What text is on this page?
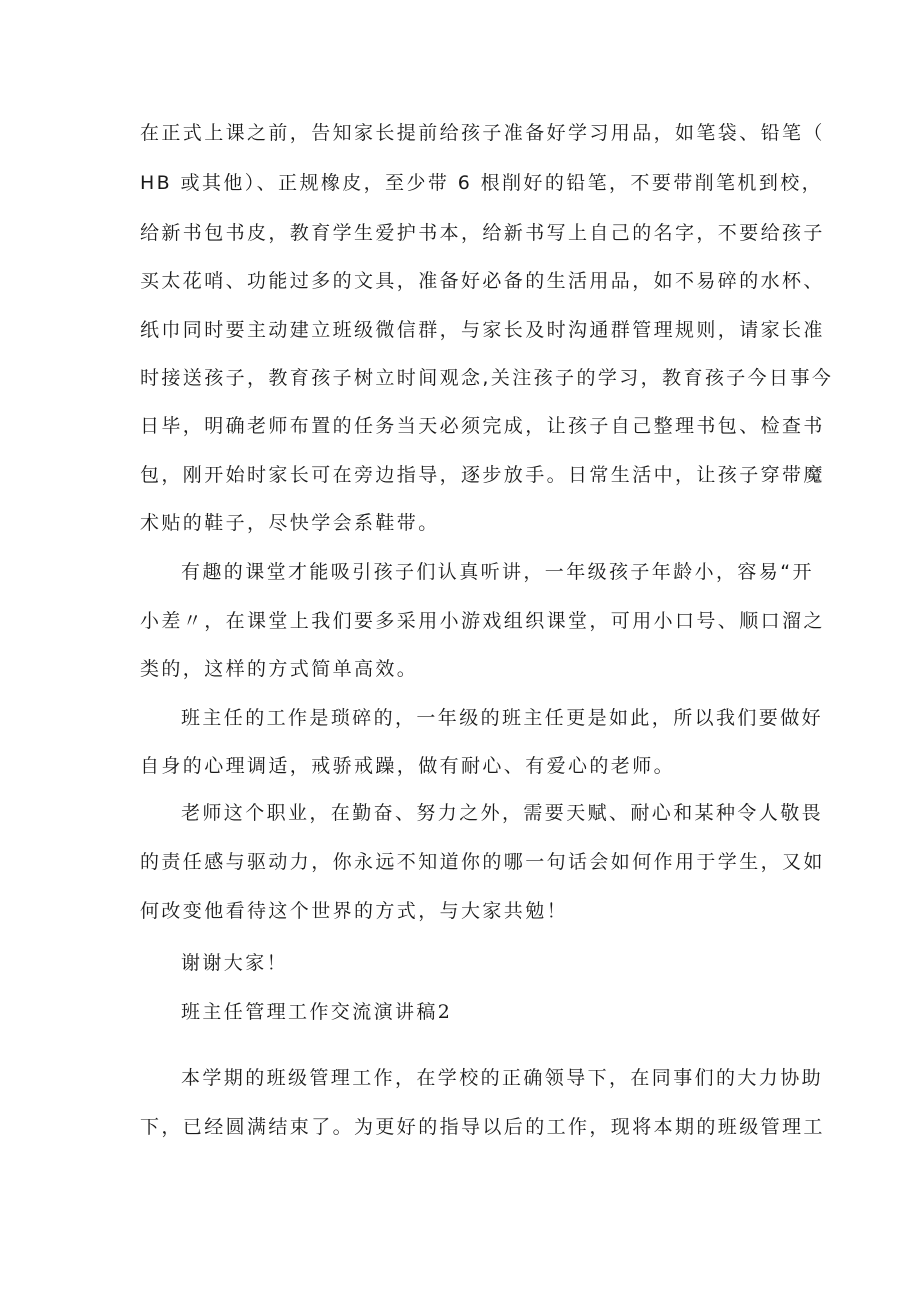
在正式上课之前，告知家长提前给孩子准备好学习用品，如笔袋、铅笔（
HB 或其他）、正规橡皮，至少带 6 根削好的铅笔，不要带削笔机到校，
给新书包书皮，教育学生爱护书本，给新书写上自己的名字，不要给孩子
买太花哨、功能过多的文具，准备好必备的生活用品，如不易碎的水杯、
纸巾同时要主动建立班级微信群，与家长及时沟通群管理规则，请家长准
时接送孩子，教育孩子树立时间观念,关注孩子的学习，教育孩子今日事今
日毕，明确老师布置的任务当天必须完成，让孩子自己整理书包、检查书
包，刚开始时家长可在旁边指导，逐步放手。日常生活中，让孩子穿带魔
术贴的鞋子，尽快学会系鞋带。
有趣的课堂才能吸引孩子们认真听讲，一年级孩子年龄小，容易“开
小差〃，在课堂上我们要多采用小游戏组织课堂，可用小口号、顺口溜之
类的，这样的方式简单高效。
班主任的工作是琐碎的，一年级的班主任更是如此，所以我们要做好
自身的心理调适，戒骄戒躁，做有耐心、有爱心的老师。
老师这个职业，在勤奋、努力之外，需要天赋、耐心和某种令人敬畏
的责任感与驱动力，你永远不知道你的哪一句话会如何作用于学生，又如
何改变他看待这个世界的方式，与大家共勉！
谢谢大家！
班主任管理工作交流演讲稿2
本学期的班级管理工作，在学校的正确领导下，在同事们的大力协助
下，已经圆满结束了。为更好的指导以后的工作，现将本期的班级管理工
